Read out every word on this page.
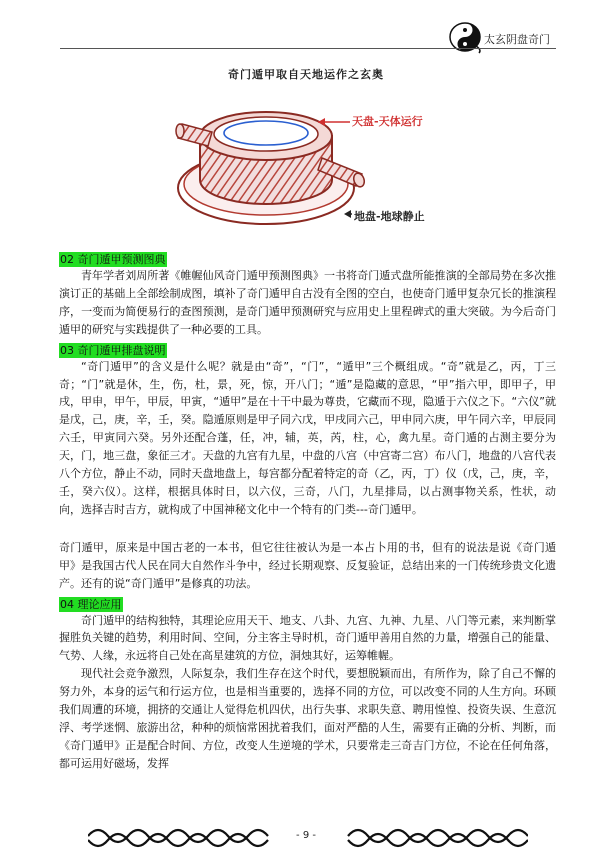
太玄阴盘奇门
奇门遁甲取自天地运作之玄奥
天盘-天体运行
地盘-地球静止
02 奇门遁甲预测图典

青年学者刘周所著《帷幄仙风奇门遁甲预测图典》一书将奇门遁式盘所能推演的全部局势在多次推演订正的基础上全部绘制成图，填补了奇门遁甲自古没有全图的空白，也使奇门遁甲复杂冗长的推演程序，一变而为简便易行的查图预测，是奇门遁甲预测研究与应用史上里程碑式的重大突破。为今后奇门遁甲的研究与实践提供了一种必要的工具。

03 奇门遁甲排盘说明

“奇门遁甲”的含义是什么呢？就是由“奇”，“门”，“遁甲”三个概组成。“奇”就是乙，丙，丁三奇；“门”就是休，生，伤，杜，景，死，惊，开八门；“遁”是隐藏的意思，“甲”指六甲，即甲子，甲戌，甲申，甲午，甲辰，甲寅，“遁甲”是在十干中最为尊贵，它藏而不现，隐遁于六仪之下。“六仪”就是戊，己，庚，辛，壬，癸。隐遁原则是甲子同六戊，甲戌同六己，甲申同六庚，甲午同六辛，甲辰同六壬，甲寅同六癸。另外还配合蓬，任，冲，辅，英，芮，柱，心，禽九星。奇门遁的占测主要分为天，门，地三盘，象征三才。天盘的九宫有九星，中盘的八宫（中宫寄二宫）布八门，地盘的八宫代表八个方位，静止不动，同时天盘地盘上，每宫都分配着特定的奇（乙，丙，丁）仪（戊，己，庚，辛，壬，癸六仪）。这样，根据具体时日，以六仪，三奇，八门，九星排局，以占测事物关系，性状，动向，选择吉时吉方，就构成了中国神秘文化中一个特有的门类---奇门遁甲。

奇门遁甲，原来是中国古老的一本书，但它往往被认为是一本占卜用的书，但有的说法是说《奇门遁甲》是我国古代人民在同大自然作斗争中，经过长期观察、反复验证，总结出来的一门传统珍贵文化遗产。还有的说“奇门遁甲”是修真的功法。

04 理论应用

奇门遁甲的结构独特，其理论应用天干、地支、八卦、九宫、九神、九星、八门等元素，来判断掌握胜负关键的趋势，利用时间、空间，分主客主导时机，奇门遁甲善用自然的力量，增强自己的能量、气势、人缘，永远将自己处在高星建筑的方位，洞烛其好，运筹帷幄。

现代社会竞争激烈，人际复杂，我们生存在这个时代，要想脱颖而出，有所作为，除了自己不懈的努力外，本身的运气和行运方位，也是相当重要的，选择不同的方位，可以改变不同的人生方向。环顾我们周遭的环境，拥挤的交通让人觉得危机四伏，出行失事、求职失意、聘用惶惶、投资失误、生意沉浮、考学迷惘、旅游出岔，种种的烦恼常困扰着我们，面对严酷的人生，需要有正确的分析、判断，而《奇门遁甲》正是配合时间、方位，改变人生逆境的学术，只要常走三奇吉门方位，不论在任何角落，都可运用好磁场，发挥

- 9 -
